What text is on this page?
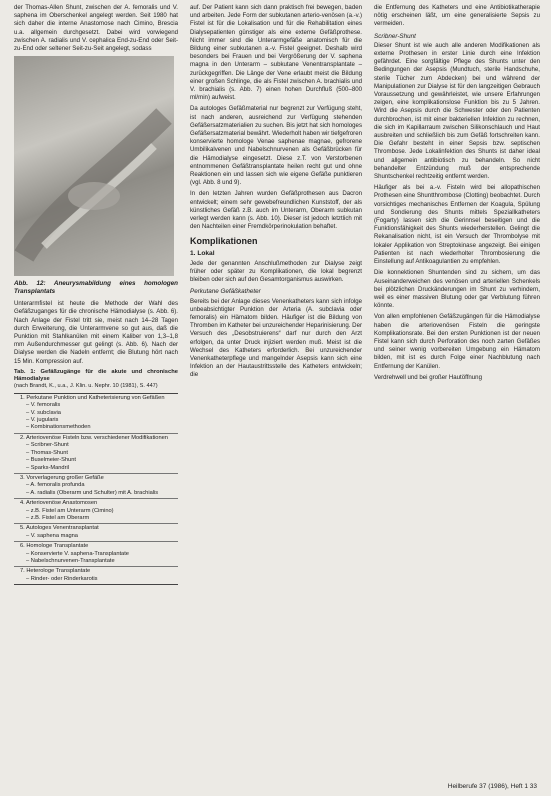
der Thomas-Allen Shunt, zwischen der A. femoralis und V. saphena im Oberschenkel angelegt werden. Seit 1980 hat sich daher die interne Anastomose nach Cimino, Brescia u.a. allgemein durchgesetzt. Dabei wird vorwiegend zwischen A. radialis und V. cephalica End-zu-End oder Seit-zu-End oder seltener Seit-zu-Seit angelegt, sodass

Abb. 12: Aneurysmabildung eines homologen Transplantats

Unterarmfistel ist heute die Methode der Wahl des Gefäßzuganges für die chronische Hämodialyse (s. Abb. 6). Nach Anlage der Fistel tritt sie, meist nach 14–28 Tagen durch Erweiterung, die Unterarmvene so gut aus, daß die Punktion mit Stahlkanülen mit einem Kaliber von 1,3–1,8 mm Außendurchmesser gut gelingt (s. Abb. 6). Nach der Dialyse werden die Nadeln entfernt; die Blutung hört nach 15 Min. Kompression auf.

Tab. 1: Gefäßzugänge für die akute und chronische Hämodialyse
(nach Brandt, K., u.a., J. Klin. u. Nephr. 10 (1981), S. 447)
1. Perkutane Punktion und Katheterisierung von Gefäßen
– V. femoralis
– V. subclavia
– V. jugularis
– Kombinationsmethoden
2. Arteriovenöse Fisteln bzw. verschiedener Modifikationen
– Scribner-Shunt
– Thomas-Shunt
– Buselmeier-Shunt
– Sparks-Mandril
3. Vorverlagerung großer Gefäße
– A. femoralis profunda
– A. radialis (Oberarm und Schulter) mit A. brachialis
4. Arteriovenöse Anastomosen
– z.B. Fistel am Unterarm (Cimino)
– z.B. Fistel am Oberarm
5. Autologes Venentransplantat
– V. saphena magna
6. Homologe Transplantate
– Konservierte V. saphena-Transplantate
– Nabelschnurvenen-Transplantate
7. Heterologe Transplantate
– Rinder- oder Rinderkarotis

auf. Der Patient kann sich dann praktisch frei bewegen, baden und arbeiten. Jede Form der subkutanen arterio-venösen (a.-v.) Fistel ist für die Lokalisation und für die Rehabilitation eines Dialysepatienten günstiger als eine externe Gefäßprothese. Nicht immer sind die Unterarmgefäße anatomisch für die Bildung einer subkutanen a.-v. Fistel geeignet. Deshalb wird besonders bei Frauen und bei Vergrößerung der V. saphena magna in den Unterarm – subkutane Venentransplantate – zurückgegriffen. Die Länge der Vene erlaubt meist die Bildung einer großen Schlinge, die als Fistel zwischen A. brachialis und V. brachialis (s. Abb. 7) einen hohen Durchfluß (500–800 ml/min) aufweist.

Da autologes Gefäßmaterial nur begrenzt zur Verfügung steht, ist nach anderen, ausreichend zur Verfügung stehenden Gefäßersatzmaterialien zu suchen. Bis jetzt hat sich homologes Gefäßersatzmaterial bewährt. Wiederholt haben wir tiefgefroren konservierte homologe Venae saphenae magnae, gefrorene Umbilikalvenen und Nabelschnurvenen als Gefäßbrücken für die Hämodialyse eingesetzt. Diese z.T. von Verstorbenen entnommenen Gefäßtransplantate heilen recht gut und ohne Reaktionen ein und lassen sich wie eigene Gefäße punktieren (vgl. Abb. 8 und 9).

In den letzten Jahren wurden Gefäßprothesen aus Dacron entwickelt; einem sehr gewebefreundlichen Kunststoff, der als künstliches Gefäß z.B. auch im Unterarm, Oberarm subkutan verlegt werden kann (s. Abb. 10). Dieser ist jedoch letztlich mit den Nachteilen einer Fremdkörperinokulation behaftet.

Komplikationen
1. Lokal

Jede der genannten Anschlußmethoden zur Dialyse zeigt früher oder später zu Komplikationen, die lokal begrenzt bleiben oder sich auf den Gesamtorganismus auswirken.

Perkutane Gefäßkatheter

Bereits bei der Anlage dieses Venenkatheters kann sich infolge unbeabsichtigter Punktion der Arteria (A. subclavia oder femoralis) ein Hämatom bilden. Häufiger ist die Bildung von Thromben im Katheter bei unzureichender Heparinisierung. Der Versuch des „Desobstruierens“ darf nur durch den Arzt erfolgen, da unter Druck injiziert werden muß. Meist ist die Wechsel des Katheters erforderlich. Bei unzureichender Venenkatheterpflege und mangelnder Asepsis kann sich eine Infektion an der Hautaustrittsstelle des Katheters entwickeln; die

die Entfernung des Katheters und eine Antibiotikatherapie nötig erscheinen läßt, um eine generalisierte Sepsis zu vermeiden.

Scribner-Shunt

Dieser Shunt ist wie auch alle anderen Modifikationen als externe Prothesen in erster Linie durch eine Infektion gefährdet. Eine sorgfältige Pflege des Shunts unter den Bedingungen der Asepsis (Mundtuch, sterile Handschuhe, sterile Tücher zum Abdecken) bei und während der Manipulationen zur Dialyse ist für den langzeitigen Gebrauch Voraussetzung und gewährleistet, wie unsere Erfahrungen zeigen, eine komplikationslose Funktion bis zu 5 Jahren. Wird die Asepsis durch die Schwester oder den Patienten durchbrochen, ist mit einer bakteriellen Infektion zu rechnen, die sich im Kapillarraum zwischen Silikonschlauch und Haut ausbreiten und schließlich bis zum Gefäß fortschreiten kann. Die Gefahr besteht in einer Sepsis bzw. septischen Thrombose. Jede Lokalinfektion des Shunts ist daher ideal und allgemein antibiotisch zu behandeln. So nicht behandelter Entzündung muß der entsprechende Shuntschenkel rechtzeitig entfernt werden.

Häufiger als bei a.-v. Fisteln wird bei allopathischen Prothesen eine Shuntthrombose (Clotting) beobachtet. Durch vorsichtiges mechanisches Entfernen der Koagula, Spülung und Sondierung des Shunts mittels Speziallkatheters (Fogarty) lassen sich die Gerinnsel beseitigen und die Funktionsfähigkeit des Shunts wiederherstellen. Gelingt die Rekanalisation nicht, ist ein Versuch der Thrombolyse mit lokaler Applikation von Streptokinase angezeigt. Bei einigen Patienten ist nach wiederholter Thrombosierung die Einstellung auf Antikoagulantien zu empfehlen.

Die konnektionen Shuntenden sind zu sichern, um das Auseinanderweichen des venösen und arteriellen Schenkels bei plötzlichen Druckänderungen im Shunt zu verhindern, weil es einer massiven Blutung oder gar Verblutung führen könnte.

Von allen empfohlenen Gefäßzugängen für die Hämodialyse haben die arteriovenösen Fisteln die geringste Komplikationsrate. Bei den ersten Punktionen ist der neuen Fistel kann sich durch Perforation des noch zarten Gefäßes und seiner wenig vorbereiten Umgebung ein Hämatom bilden, mit ist es durch Folge einer Nachblutung nach Entfernung der Kanülen.

Verdrehwell und bei großer Hautöffnung

Heilberufe 37 (1986), Heft 1 33
